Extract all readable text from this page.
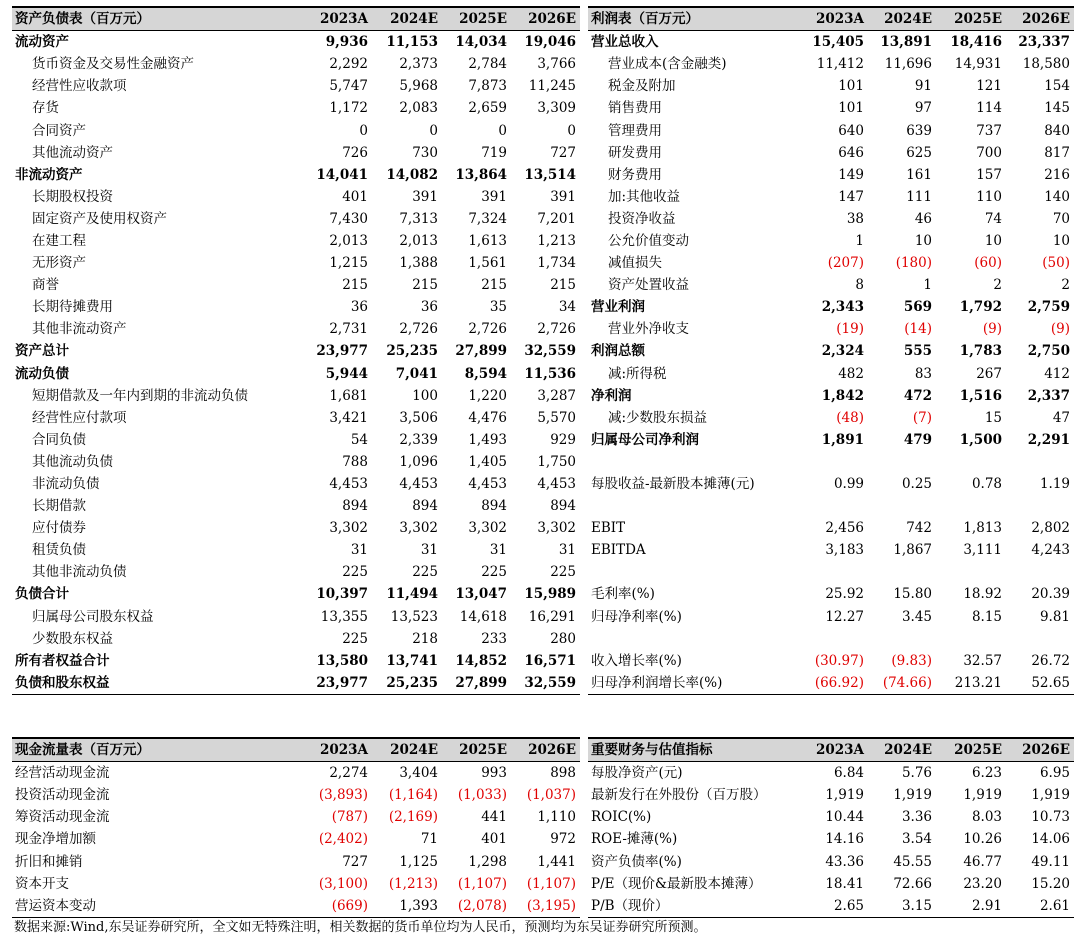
资产负债表（百万元）	2023A	2024E	2025E	2026E
流动资产	9,936	11,153	14,034	19,046
货币资金及交易性金融资产	2,292	2,373	2,784	3,766
经营性应收款项	5,747	5,968	7,873	11,245
存货	1,172	2,083	2,659	3,309
合同资产	0	0	0	0
其他流动资产	726	730	719	727
非流动资产	14,041	14,082	13,864	13,514
长期股权投资	401	391	391	391
固定资产及使用权资产	7,430	7,313	7,324	7,201
在建工程	2,013	2,013	1,613	1,213
无形资产	1,215	1,388	1,561	1,734
商誉	215	215	215	215
长期待摊费用	36	36	35	34
其他非流动资产	2,731	2,726	2,726	2,726
资产总计	23,977	25,235	27,899	32,559
流动负债	5,944	7,041	8,594	11,536
短期借款及一年内到期的非流动负债	1,681	100	1,220	3,287
经营性应付款项	3,421	3,506	4,476	5,570
合同负债	54	2,339	1,493	929
其他流动负债	788	1,096	1,405	1,750
非流动负债	4,453	4,453	4,453	4,453
长期借款	894	894	894	894
应付债券	3,302	3,302	3,302	3,302
租赁负债	31	31	31	31
其他非流动负债	225	225	225	225
负债合计	10,397	11,494	13,047	15,989
归属母公司股东权益	13,355	13,523	14,618	16,291
少数股东权益	225	218	233	280
所有者权益合计	13,580	13,741	14,852	16,571
负债和股东权益	23,977	25,235	27,899	32,559
利润表（百万元）	2023A	2024E	2025E	2026E
营业总收入	15,405	13,891	18,416	23,337
营业成本(含金融类)	11,412	11,696	14,931	18,580
税金及附加	101	91	121	154
销售费用	101	97	114	145
管理费用	640	639	737	840
研发费用	646	625	700	817
财务费用	149	161	157	216
加:其他收益	147	111	110	140
投资净收益	38	46	74	70
公允价值变动	1	10	10	10
减值损失	(207)	(180)	(60)	(50)
资产处置收益	8	1	2	2
营业利润	2,343	569	1,792	2,759
营业外净收支	(19)	(14)	(9)	(9)
利润总额	2,324	555	1,783	2,750
减:所得税	482	83	267	412
净利润	1,842	472	1,516	2,337
减:少数股东损益	(48)	(7)	15	47
归属母公司净利润	1,891	479	1,500	2,291

每股收益-最新股本摊薄(元)	0.99	0.25	0.78	1.19

EBIT	2,456	742	1,813	2,802
EBITDA	3,183	1,867	3,111	4,243

毛利率(%)	25.92	15.80	18.92	20.39
归母净利率(%)	12.27	3.45	8.15	9.81

收入增长率(%)	(30.97)	(9.83)	32.57	26.72
归母净利润增长率(%)	(66.92)	(74.66)	213.21	52.65
现金流量表（百万元）	2023A	2024E	2025E	2026E
经营活动现金流	2,274	3,404	993	898
投资活动现金流	(3,893)	(1,164)	(1,033)	(1,037)
筹资活动现金流	(787)	(2,169)	441	1,110
现金净增加额	(2,402)	71	401	972
折旧和摊销	727	1,125	1,298	1,441
资本开支	(3,100)	(1,213)	(1,107)	(1,107)
营运资本变动	(669)	1,393	(2,078)	(3,195)
重要财务与估值指标	2023A	2024E	2025E	2026E
每股净资产(元)	6.84	5.76	6.23	6.95
最新发行在外股份（百万股）	1,919	1,919	1,919	1,919
ROIC(%)	10.44	3.36	8.03	10.73
ROE-摊薄(%)	14.16	3.54	10.26	14.06
资产负债率(%)	43.36	45.55	46.77	49.11
P/E（现价&最新股本摊薄）	18.41	72.66	23.20	15.20
P/B（现价）	2.65	3.15	2.91	2.61
数据来源:Wind,东吴证券研究所，全文如无特殊注明，相关数据的货币单位均为人民币，预测均为东吴证券研究所预测。
